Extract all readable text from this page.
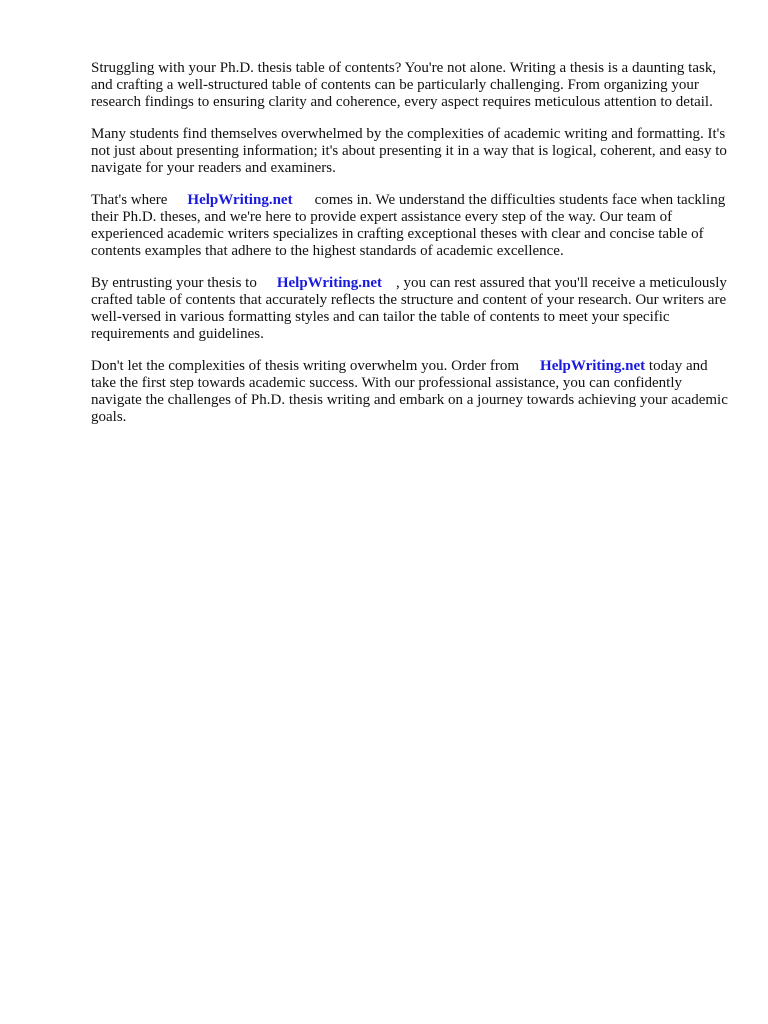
Struggling with your Ph.D. thesis table of contents? You're not alone. Writing a thesis is a daunting task, and crafting a well-structured table of contents can be particularly challenging. From organizing your research findings to ensuring clarity and coherence, every aspect requires meticulous attention to detail.

Many students find themselves overwhelmed by the complexities of academic writing and formatting. It's not just about presenting information; it's about presenting it in a way that is logical, coherent, and easy to navigate for your readers and examiners.

That's where HelpWriting.net comes in. We understand the difficulties students face when tackling their Ph.D. theses, and we're here to provide expert assistance every step of the way. Our team of experienced academic writers specializes in crafting exceptional theses with clear and concise table of contents examples that adhere to the highest standards of academic excellence.

By entrusting your thesis to HelpWriting.net , you can rest assured that you'll receive a meticulously crafted table of contents that accurately reflects the structure and content of your research. Our writers are well-versed in various formatting styles and can tailor the table of contents to meet your specific requirements and guidelines.

Don't let the complexities of thesis writing overwhelm you. Order from HelpWriting.net today and take the first step towards academic success. With our professional assistance, you can confidently navigate the challenges of Ph.D. thesis writing and embark on a journey towards achieving your academic goals.
